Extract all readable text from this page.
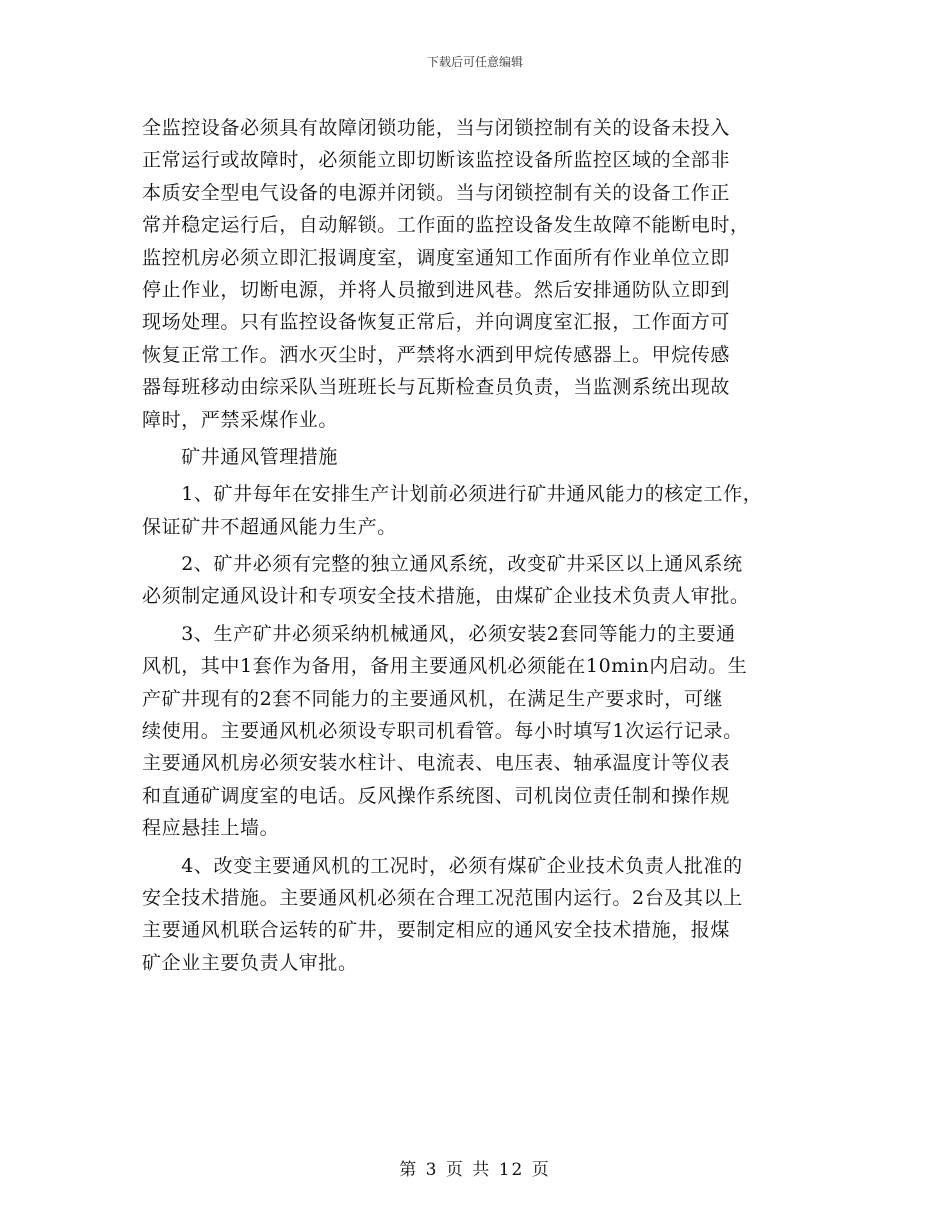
下载后可任意编辑
全监控设备必须具有故障闭锁功能，当与闭锁控制有关的设备未投入
正常运行或故障时，必须能立即切断该监控设备所监控区域的全部非
本质安全型电气设备的电源并闭锁。当与闭锁控制有关的设备工作正
常并稳定运行后，自动解锁。工作面的监控设备发生故障不能断电时，
监控机房必须立即汇报调度室，调度室通知工作面所有作业单位立即
停止作业，切断电源，并将人员撤到进风巷。然后安排通防队立即到
现场处理。只有监控设备恢复正常后，并向调度室汇报，工作面方可
恢复正常工作。洒水灭尘时，严禁将水洒到甲烷传感器上。甲烷传感
器每班移动由综采队当班班长与瓦斯检查员负责，当监测系统出现故
障时，严禁采煤作业。
　　矿井通风管理措施
　　1、矿井每年在安排生产计划前必须进行矿井通风能力的核定工作，
保证矿井不超通风能力生产。
　　2、矿井必须有完整的独立通风系统，改变矿井采区以上通风系统
必须制定通风设计和专项安全技术措施，由煤矿企业技术负责人审批。
　　3、生产矿井必须采纳机械通风，必须安装2套同等能力的主要通
风机，其中1套作为备用，备用主要通风机必须能在10min内启动。生
产矿井现有的2套不同能力的主要通风机，在满足生产要求时，可继
续使用。主要通风机必须设专职司机看管。每小时填写1次运行记录。
主要通风机房必须安装水柱计、电流表、电压表、轴承温度计等仪表
和直通矿调度室的电话。反风操作系统图、司机岗位责任制和操作规
程应悬挂上墙。
　　4、改变主要通风机的工况时，必须有煤矿企业技术负责人批准的
安全技术措施。主要通风机必须在合理工况范围内运行。2台及其以上
主要通风机联合运转的矿井，要制定相应的通风安全技术措施，报煤
矿企业主要负责人审批。
第 3 页 共 12 页
